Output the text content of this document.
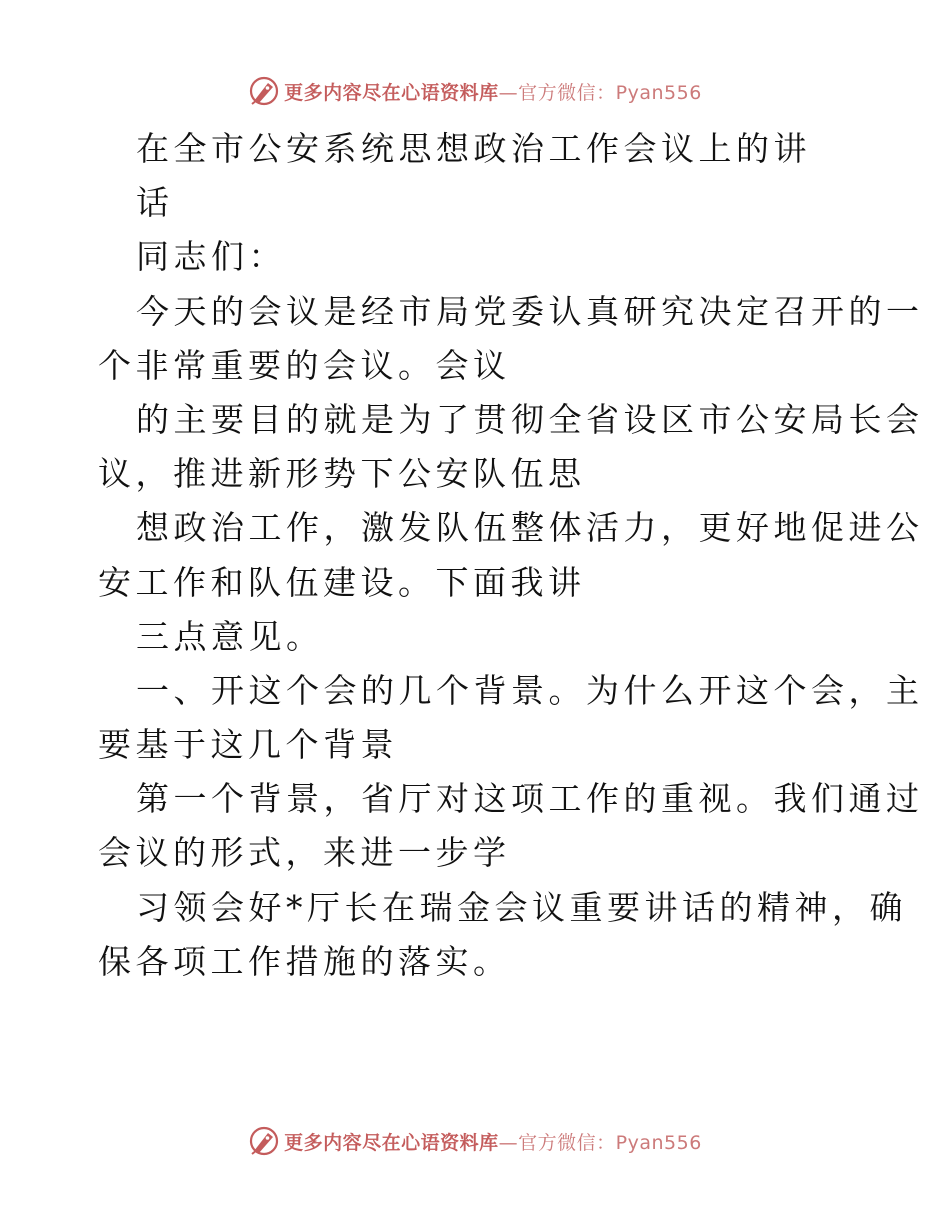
更多内容尽在心语资料库—官方微信：Pyan556
在全市公安系统思想政治工作会议上的讲
话
同志们：
今天的会议是经市局党委认真研究决定召开的一
个非常重要的会议。会议
的主要目的就是为了贯彻全省设区市公安局长会
议，推进新形势下公安队伍思
想政治工作，激发队伍整体活力，更好地促进公
安工作和队伍建设。下面我讲
三点意见。
一、开这个会的几个背景。为什么开这个会，主
要基于这几个背景
第一个背景，省厅对这项工作的重视。我们通过
会议的形式，来进一步学
习领会好*厅长在瑞金会议重要讲话的精神，确
保各项工作措施的落实。
更多内容尽在心语资料库—官方微信：Pyan556
